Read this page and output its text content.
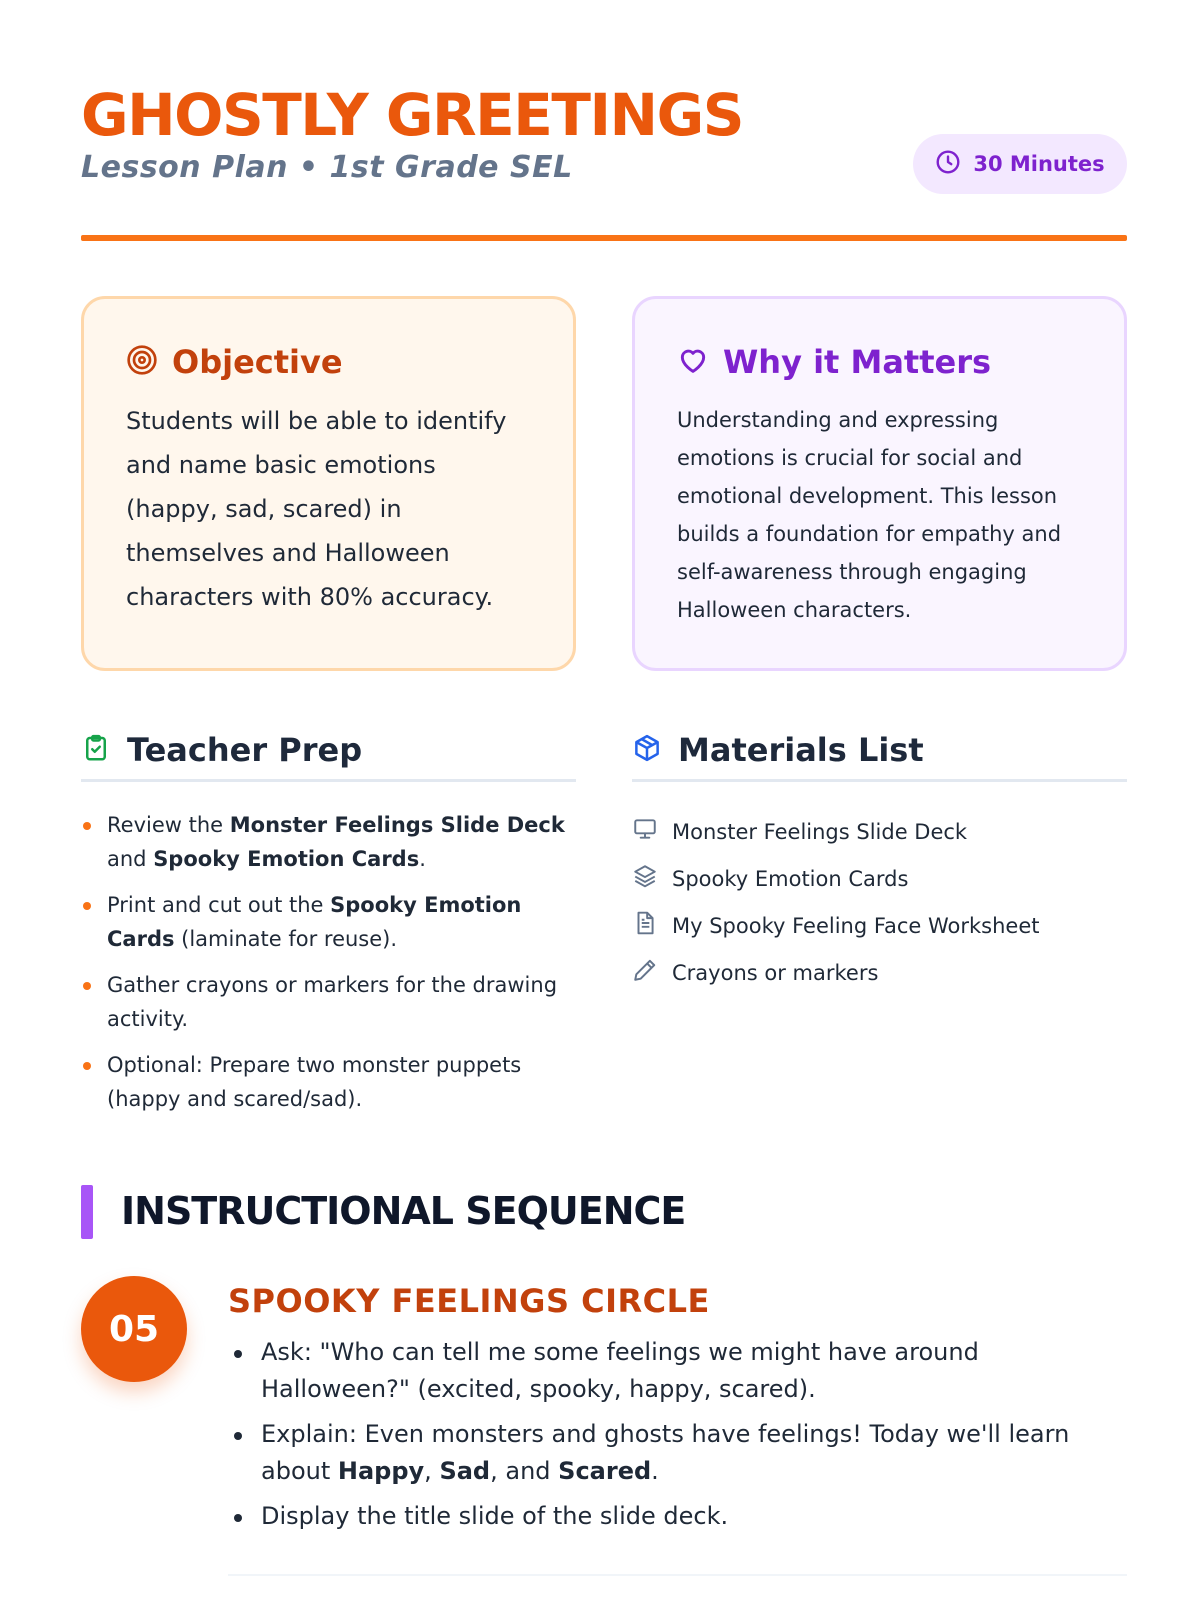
GHOSTLY GREETINGS
Lesson Plan • 1st Grade SEL	30 Minutes
Objective

Students will be able to identify and name basic emotions (happy, sad, scared) in themselves and Halloween characters with 80% accuracy.

Why it Matters

Understanding and expressing emotions is crucial for social and emotional development. This lesson builds a foundation for empathy and self-awareness through engaging Halloween characters.

Teacher Prep
Review the Monster Feelings Slide Deck and Spooky Emotion Cards.
Print and cut out the Spooky Emotion Cards (laminate for reuse).
Gather crayons or markers for the drawing activity.
Optional: Prepare two monster puppets (happy and scared/sad).
Materials List
Monster Feelings Slide Deck
Spooky Emotion Cards
My Spooky Feeling Face Worksheet
Crayons or markers
INSTRUCTIONAL SEQUENCE
05
SPOOKY FEELINGS CIRCLE
Ask: "Who can tell me some feelings we might have around Halloween?" (excited, spooky, happy, scared).
Explain: Even monsters and ghosts have feelings! Today we'll learn about Happy, Sad, and Scared.
Display the title slide of the slide deck.
